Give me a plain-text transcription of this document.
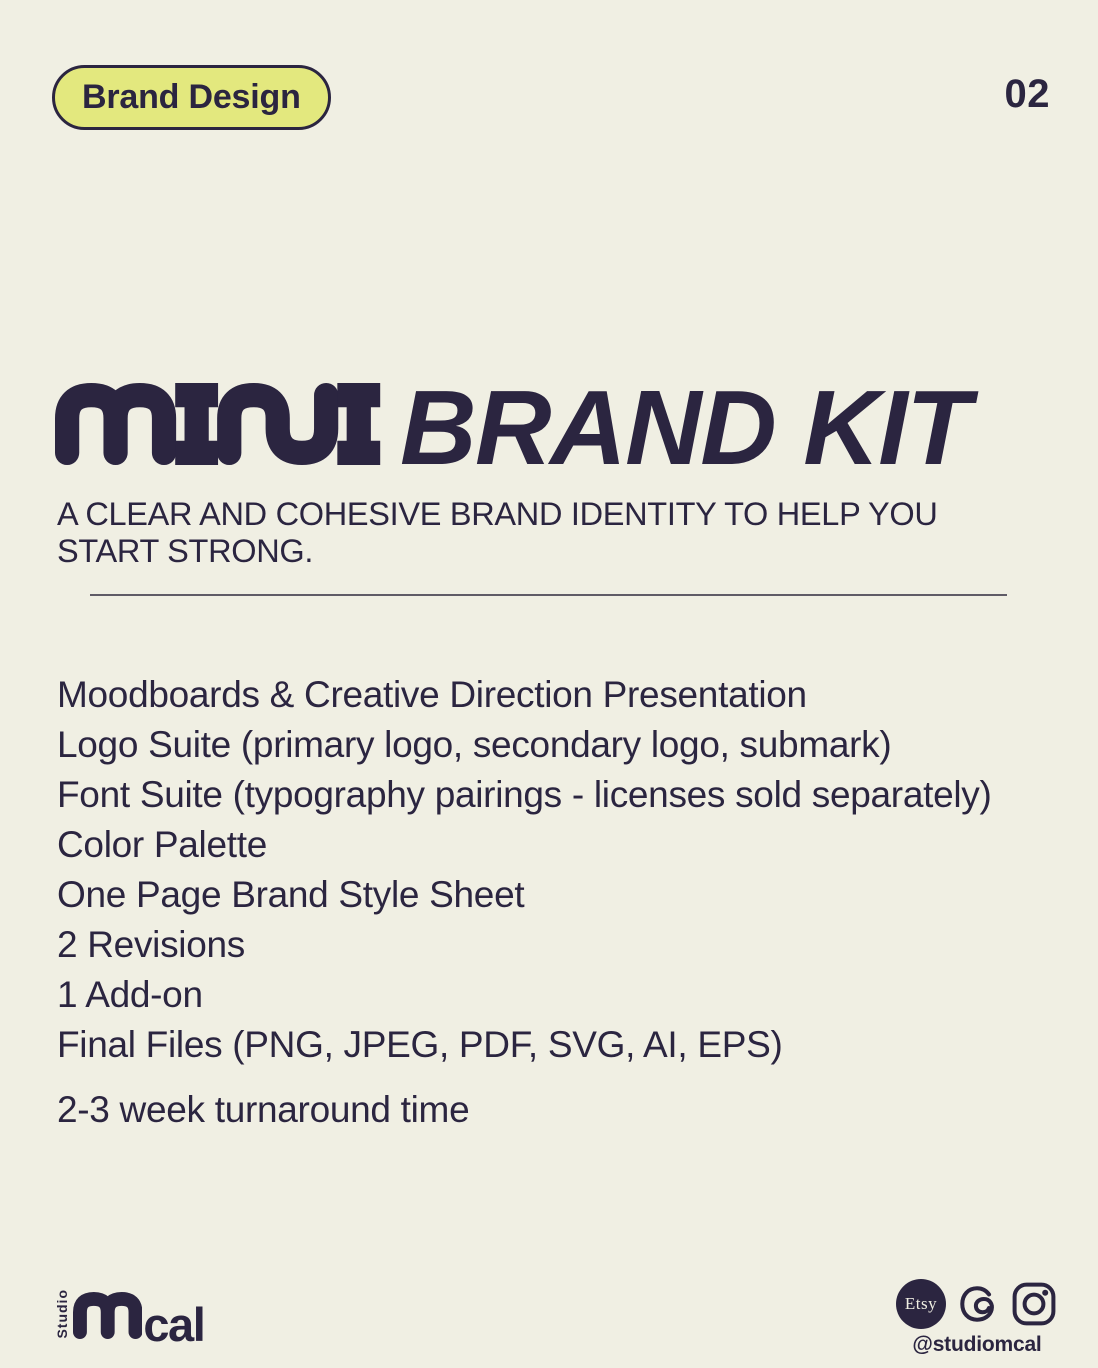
Brand Design	02
BRAND KIT
A CLEAR AND COHESIVE BRAND IDENTITY TO HELP YOU
START STRONG.
Moodboards & Creative Direction Presentation
Logo Suite (primary logo, secondary logo, submark)
Font Suite (typography pairings - licenses sold separately)
Color Palette
One Page Brand Style Sheet
2 Revisions
1 Add-on
Final Files (PNG, JPEG, PDF, SVG, AI, EPS)
2-3 week turnaround time
Studio cal	Etsy
@studiomcal
